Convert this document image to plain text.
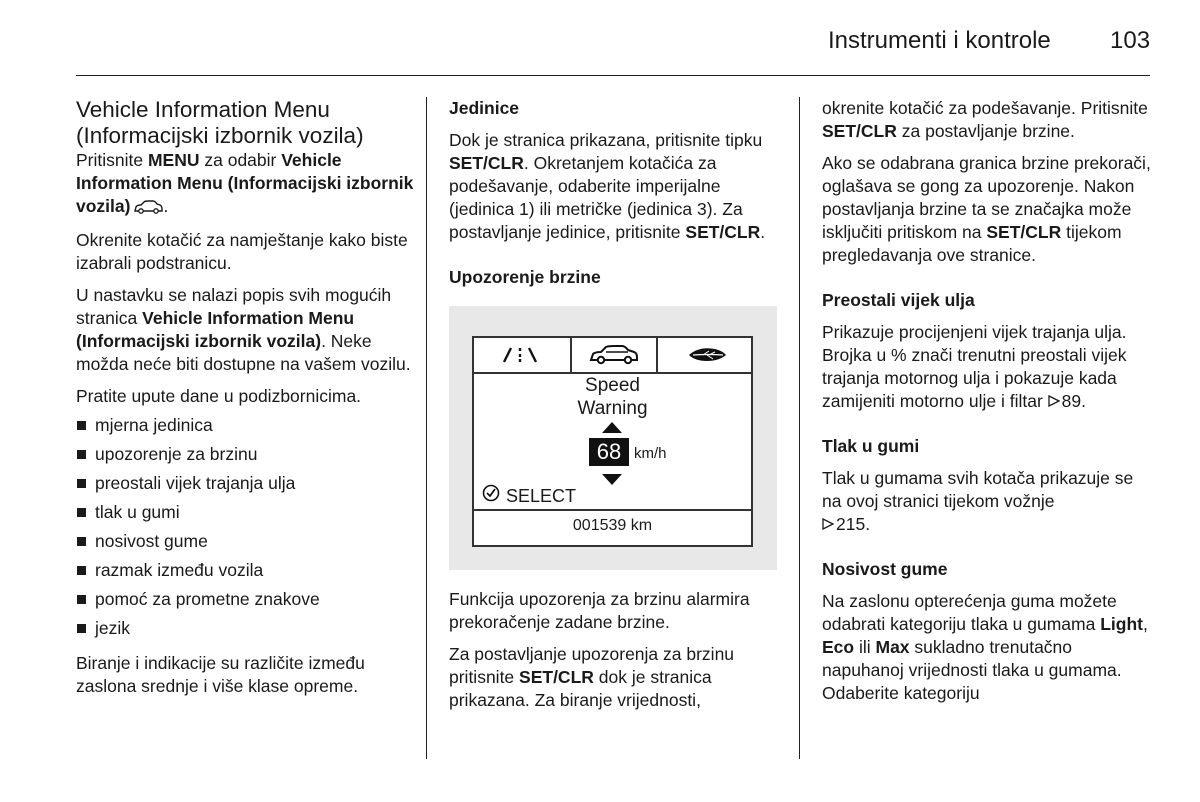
Instrumenti i kontrole 103
Vehicle Information Menu
(Informacijski izbornik vozila)

Pritisnite MENU za odabir Vehicle Information Menu (Informacijski izbornik vozila) .

Okrenite kotačić za namještanje kako biste izabrali podstranicu.

U nastavku se nalazi popis svih mogućih stranica Vehicle Information Menu (Informacijski izbornik vozila). Neke možda neće biti dostupne na vašem vozilu.

Pratite upute dane u podizbornicima.

mjerna jedinica
upozorenje za brzinu
preostali vijek trajanja ulja
tlak u gumi
nosivost gume
razmak između vozila
pomoć za prometne znakove
jezik

Biranje i indikacije su različite između zaslona srednje i više klase opreme.

Jedinice

Dok je stranica prikazana, pritisnite tipku SET/CLR. Okretanjem kotačića za podešavanje, odaberite imperijalne (jedinica 1) ili metričke (jedinica 3). Za postavljanje jedinice, pritisnite SET/CLR.

Upozorenje brzine

Speed
Warning
68 km/h
SELECT
001539 km

Funkcija upozorenja za brzinu alarmira prekoračenje zadane brzine.

Za postavljanje upozorenja za brzinu pritisnite SET/CLR dok je stranica prikazana. Za biranje vrijednosti,

okrenite kotačić za podešavanje. Pritisnite SET/CLR za postavljanje brzine.

Ako se odabrana granica brzine prekorači, oglašava se gong za upozorenje. Nakon postavljanja brzine ta se značajka može isključiti pritiskom na SET/CLR tijekom pregledavanja ove stranice.

Preostali vijek ulja

Prikazuje procijenjeni vijek trajanja ulja. Brojka u % znači trenutni preostali vijek trajanja motornog ulja i pokazuje kada zamijeniti motorno ulje i filtar 89.

Tlak u gumi

Tlak u gumama svih kotača prikazuje se na ovoj stranici tijekom vožnje
215.

Nosivost gume

Na zaslonu opterećenja guma možete odabrati kategoriju tlaka u gumama Light, Eco ili Max sukladno trenutačno napuhanoj vrijednosti tlaka u gumama. Odaberite kategoriju
